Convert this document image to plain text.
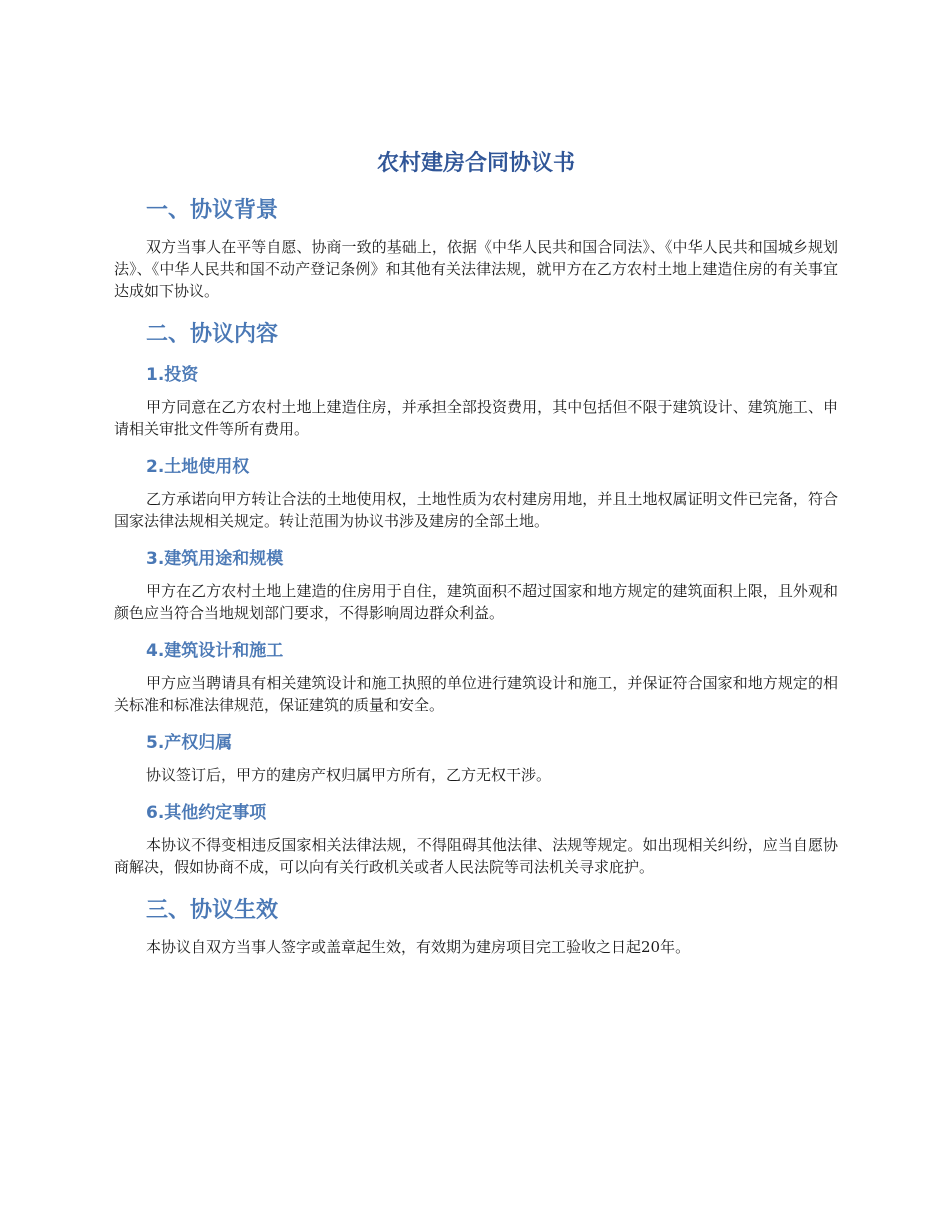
农村建房合同协议书
一、协议背景

双方当事人在平等自愿、协商一致的基础上，依据《中华人民共和国合同法》、《中华人民共和国城乡规划法》、《中华人民共和国不动产登记条例》和其他有关法律法规，就甲方在乙方农村土地上建造住房的有关事宜达成如下协议。

二、协议内容
1.投资

甲方同意在乙方农村土地上建造住房，并承担全部投资费用，其中包括但不限于建筑设计、建筑施工、申请相关审批文件等所有费用。

2.土地使用权

乙方承诺向甲方转让合法的土地使用权，土地性质为农村建房用地，并且土地权属证明文件已完备，符合国家法律法规相关规定。转让范围为协议书涉及建房的全部土地。

3.建筑用途和规模

甲方在乙方农村土地上建造的住房用于自住，建筑面积不超过国家和地方规定的建筑面积上限，且外观和颜色应当符合当地规划部门要求，不得影响周边群众利益。

4.建筑设计和施工

甲方应当聘请具有相关建筑设计和施工执照的单位进行建筑设计和施工，并保证符合国家和地方规定的相关标准和标准法律规范，保证建筑的质量和安全。

5.产权归属

协议签订后，甲方的建房产权归属甲方所有，乙方无权干涉。

6.其他约定事项

本协议不得变相违反国家相关法律法规，不得阻碍其他法律、法规等规定。如出现相关纠纷，应当自愿协商解决，假如协商不成，可以向有关行政机关或者人民法院等司法机关寻求庇护。

三、协议生效

本协议自双方当事人签字或盖章起生效，有效期为建房项目完工验收之日起20年。
